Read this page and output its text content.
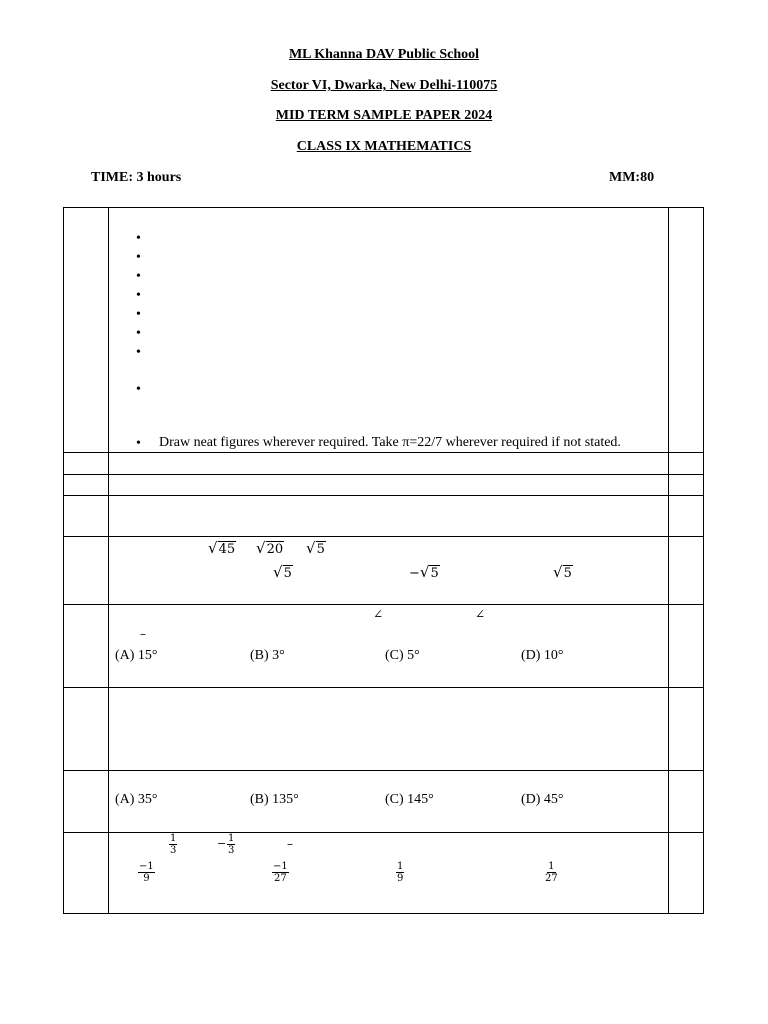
ML Khanna DAV Public School
Sector VI, Dwarka, New Delhi-110075
MID TERM SAMPLE PAPER 2024
CLASS IX MATHEMATICS
TIME: 3 hours	MM:80
•
•
•
•
•
•
•
•
• Draw neat figures wherever required. Take π=22/7 wherever required if not stated.
√45 √20 √5
√5	−√5	√5
∠	∠
–
(A) 15°	(B) 3°	(C) 5°	(D) 10°
(A) 35°	(B) 135°	(C) 145°	(D) 45°
$\frac{1}{3}$	− $\frac{1}{3}$	–
$\frac{-1}{9}$	$\frac{-1}{27}$	$\frac{1}{9}$	$\frac{1}{27}$
